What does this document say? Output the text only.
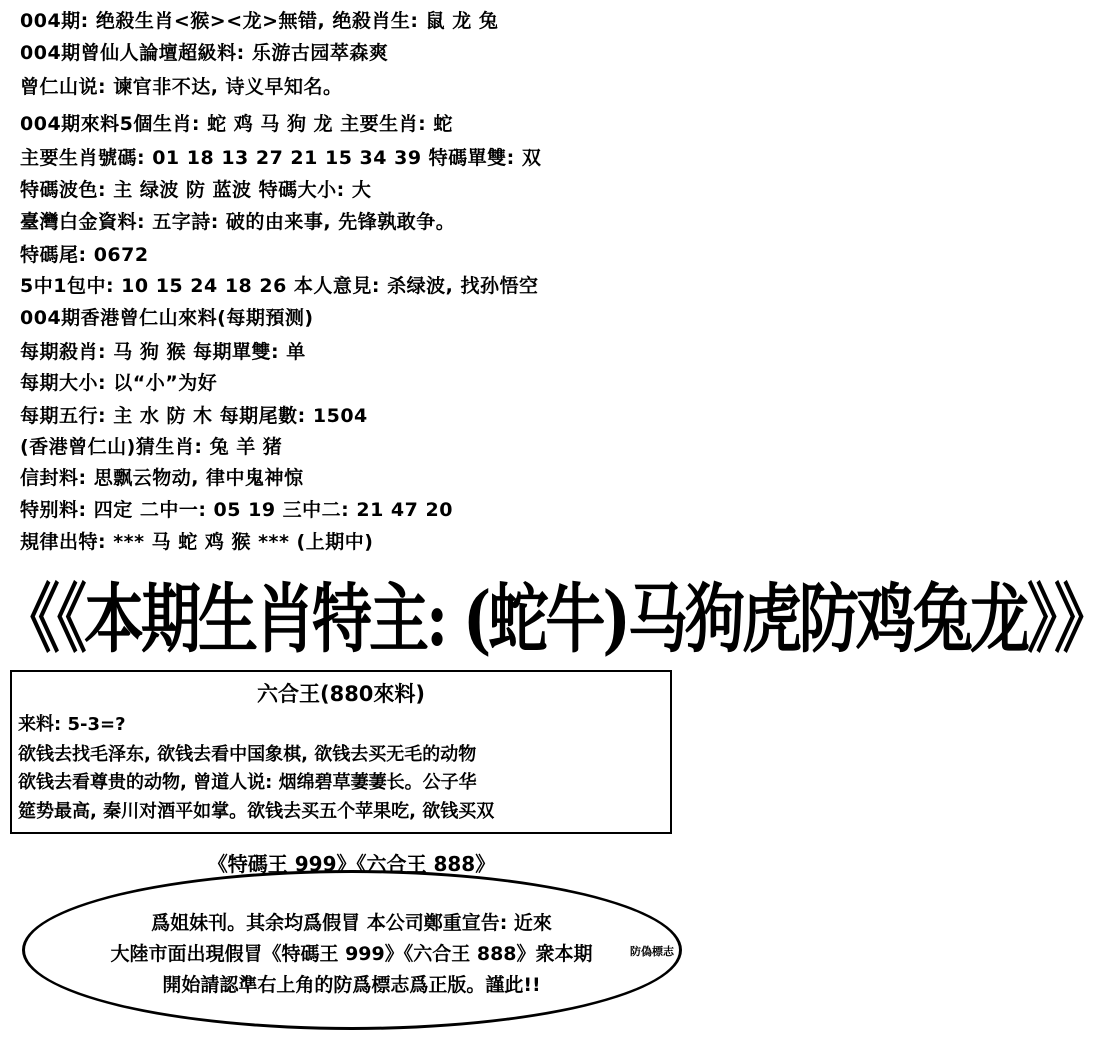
004期: 绝殺生肖<猴><龙>無错, 绝殺肖生: 鼠 龙 兔
004期曾仙人論壇超級料: 乐游古园萃森爽
曾仁山说: 谏官非不达, 诗义早知名。
004期來料5個生肖: 蛇 鸡 马 狗 龙 主要生肖: 蛇
主要生肖號碼: 01 18 13 27 21 15 34 39 特碼單雙: 双
特碼波色: 主 绿波 防 蓝波 特碼大小: 大
臺灣白金資料: 五字詩: 破的由来事, 先锋孰敢争。
特碼尾: 0672
5中1包中: 10 15 24 18 26 本人意見: 杀绿波, 找孙悟空
004期香港曾仁山來料(每期預测)
每期殺肖: 马 狗 猴 每期單雙: 单
每期大小: 以“小”为好
每期五行: 主 水 防 木 每期尾數: 1504
(香港曾仁山)猜生肖: 兔 羊 猪
信封料: 思飘云物动, 律中鬼神惊
特别料: 四定 二中一: 05 19 三中二: 21 47 20
規律出特: *** 马 蛇 鸡 猴 *** (上期中)
《《本期生肖特主: (蛇牛)马狗虎防鸡兔龙》》
六合王(880來料)
来料: 5-3=?
欲钱去找毛泽东, 欲钱去看中国象棋, 欲钱去买无毛的动物
欲钱去看尊贵的动物, 曾道人说: 烟绵碧草萋萋长。公子华
筵势最高, 秦川对酒平如掌。欲钱去买五个苹果吃, 欲钱买双
《特碼王 999》《六合王 888》
爲姐妹刊。其余均爲假冒 本公司鄭重宣告: 近來
大陸市面出現假冒《特碼王 999》《六合王 888》衆本期
開始請認準右上角的防爲標志爲正版。謹此!!
防偽標志
